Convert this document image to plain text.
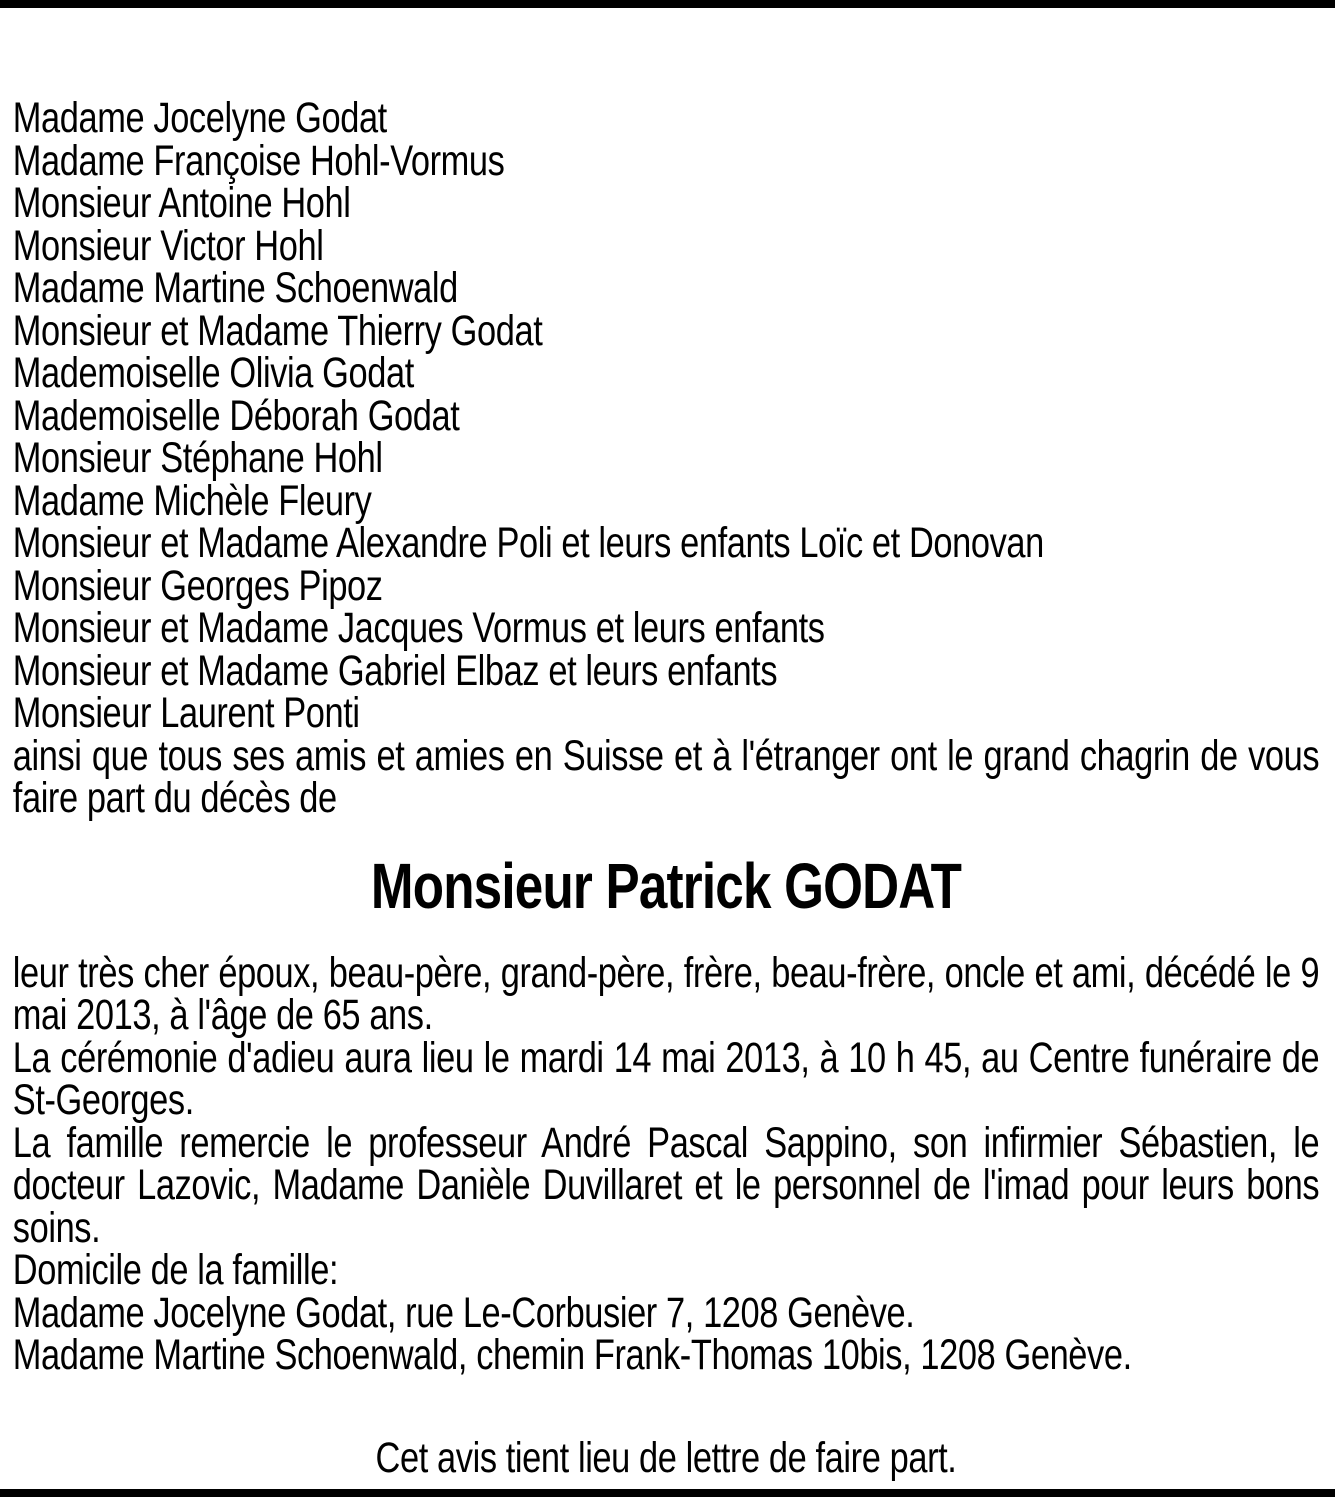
Madame Jocelyne Godat
Madame Françoise Hohl-Vormus
Monsieur Antoine Hohl
Monsieur Victor Hohl
Madame Martine Schoenwald
Monsieur et Madame Thierry Godat
Mademoiselle Olivia Godat
Mademoiselle Déborah Godat
Monsieur Stéphane Hohl
Madame Michèle Fleury
Monsieur et Madame Alexandre Poli et leurs enfants Loïc et Donovan
Monsieur Georges Pipoz
Monsieur et Madame Jacques Vormus et leurs enfants
Monsieur et Madame Gabriel Elbaz et leurs enfants
Monsieur Laurent Ponti

ainsi que tous ses amis et amies en Suisse et à l'étranger ont le grand chagrin de vous faire part du décès de

Monsieur Patrick GODAT

leur très cher époux, beau-père, grand-père, frère, beau-frère, oncle et ami, décédé le 9 mai 2013, à l'âge de 65 ans.

La cérémonie d'adieu aura lieu le mardi 14 mai 2013, à 10 h 45, au Centre funéraire de St-Georges.

La famille remercie le professeur André Pascal Sappino, son infirmier Sébastien, le docteur Lazovic, Madame Danièle Duvillaret et le personnel de l'imad pour leurs bons soins.

Domicile de la famille:

Madame Jocelyne Godat, rue Le-Corbusier 7, 1208 Genève.

Madame Martine Schoenwald, chemin Frank-Thomas 10bis, 1208 Genève.

Cet avis tient lieu de lettre de faire part.
